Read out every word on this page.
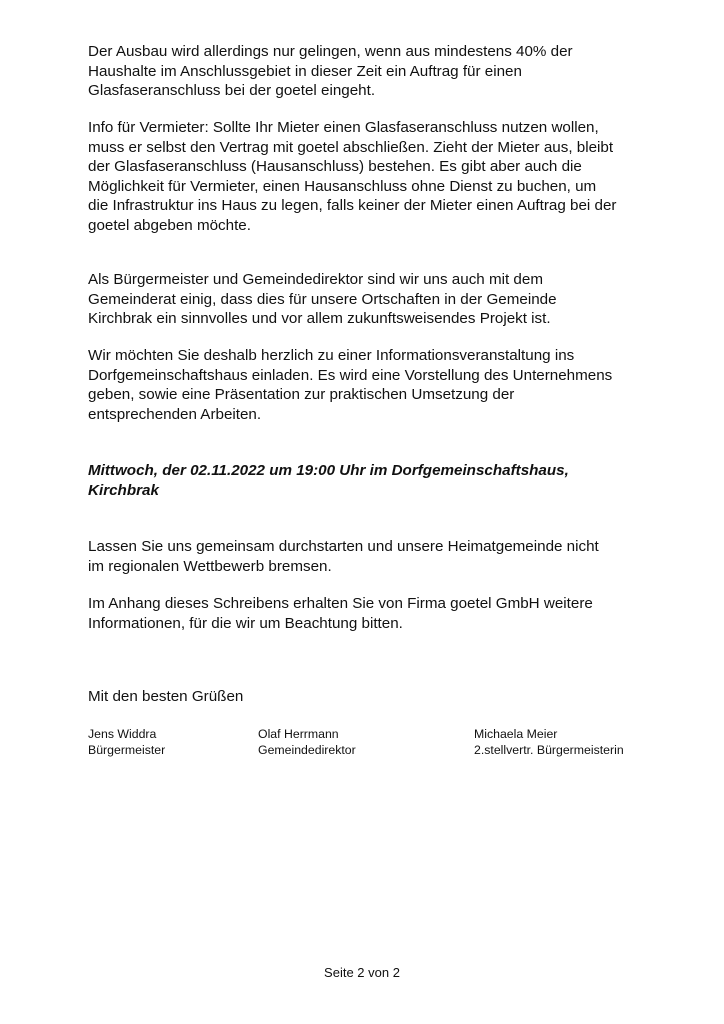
Der Ausbau wird allerdings nur gelingen, wenn aus mindestens 40% der
Haushalte im Anschlussgebiet in dieser Zeit ein Auftrag für einen
Glasfaseranschluss bei der goetel eingeht.

Info für Vermieter: Sollte Ihr Mieter einen Glasfaseranschluss nutzen wollen,
muss er selbst den Vertrag mit goetel abschließen. Zieht der Mieter aus, bleibt
der Glasfaseranschluss (Hausanschluss) bestehen. Es gibt aber auch die
Möglichkeit für Vermieter, einen Hausanschluss ohne Dienst zu buchen, um
die Infrastruktur ins Haus zu legen, falls keiner der Mieter einen Auftrag bei der
goetel abgeben möchte.

Als Bürgermeister und Gemeindedirektor sind wir uns auch mit dem
Gemeinderat einig, dass dies für unsere Ortschaften in der Gemeinde
Kirchbrak ein sinnvolles und vor allem zukunftsweisendes Projekt ist.

Wir möchten Sie deshalb herzlich zu einer Informationsveranstaltung ins
Dorfgemeinschaftshaus einladen. Es wird eine Vorstellung des Unternehmens
geben, sowie eine Präsentation zur praktischen Umsetzung der
entsprechenden Arbeiten.

Mittwoch, der 02.11.2022 um 19:00 Uhr im Dorfgemeinschaftshaus,
Kirchbrak

Lassen Sie uns gemeinsam durchstarten und unsere Heimatgemeinde nicht
im regionalen Wettbewerb bremsen.

Im Anhang dieses Schreibens erhalten Sie von Firma goetel GmbH weitere
Informationen, für die wir um Beachtung bitten.

Mit den besten Grüßen

Jens Widdra
Bürgermeister
Olaf Herrmann
Gemeindedirektor
Michaela Meier
2.stellvertr. Bürgermeisterin
Seite 2 von 2
